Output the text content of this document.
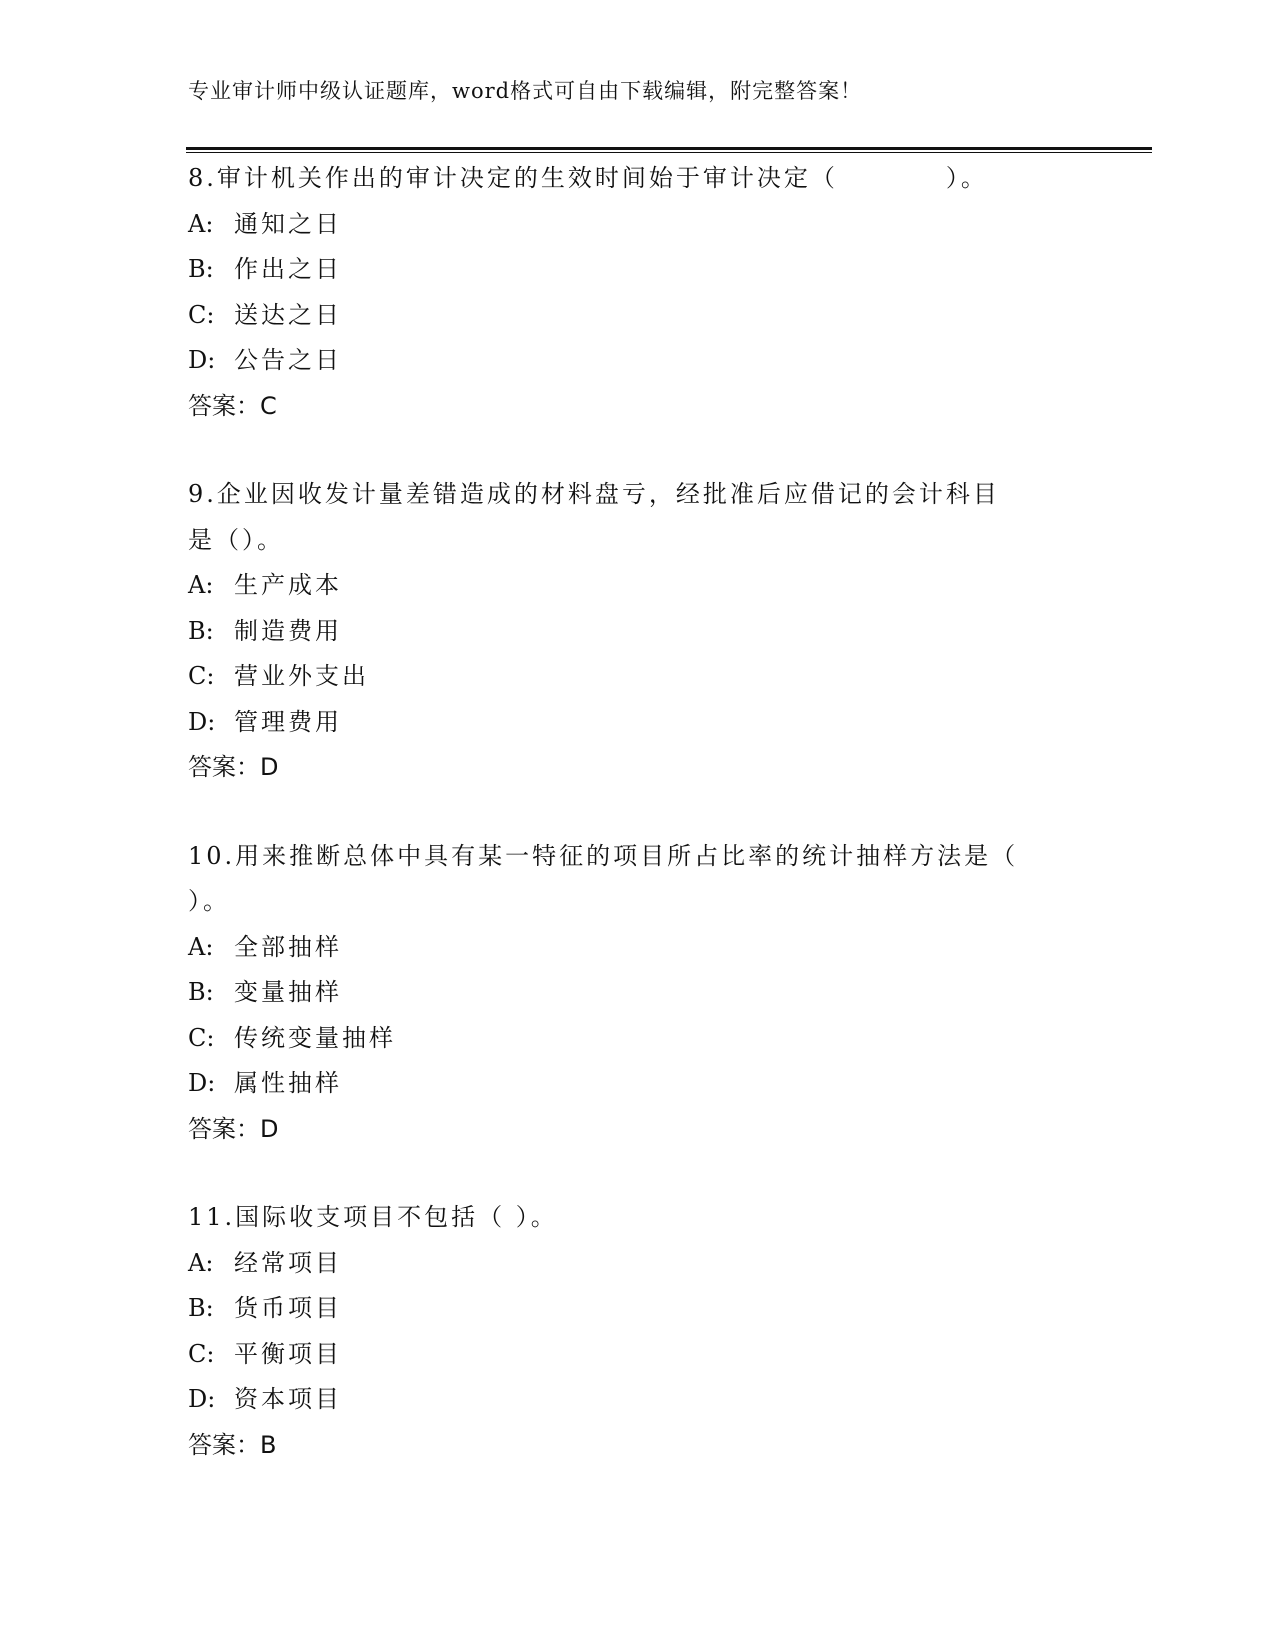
专业审计师中级认证题库，word格式可自由下载编辑，附完整答案！
8.审计机关作出的审计决定的生效时间始于审计决定（　　　　）。
A: 通知之日
B: 作出之日
C: 送达之日
D: 公告之日
答案：C
9.企业因收发计量差错造成的材料盘亏，经批准后应借记的会计科目
是（）。
A: 生产成本
B: 制造费用
C: 营业外支出
D: 管理费用
答案：D
10.用来推断总体中具有某一特征的项目所占比率的统计抽样方法是（
）。
A: 全部抽样
B: 变量抽样
C: 传统变量抽样
D: 属性抽样
答案：D
11.国际收支项目不包括（ ）。
A: 经常项目
B: 货币项目
C: 平衡项目
D: 资本项目
答案：B
